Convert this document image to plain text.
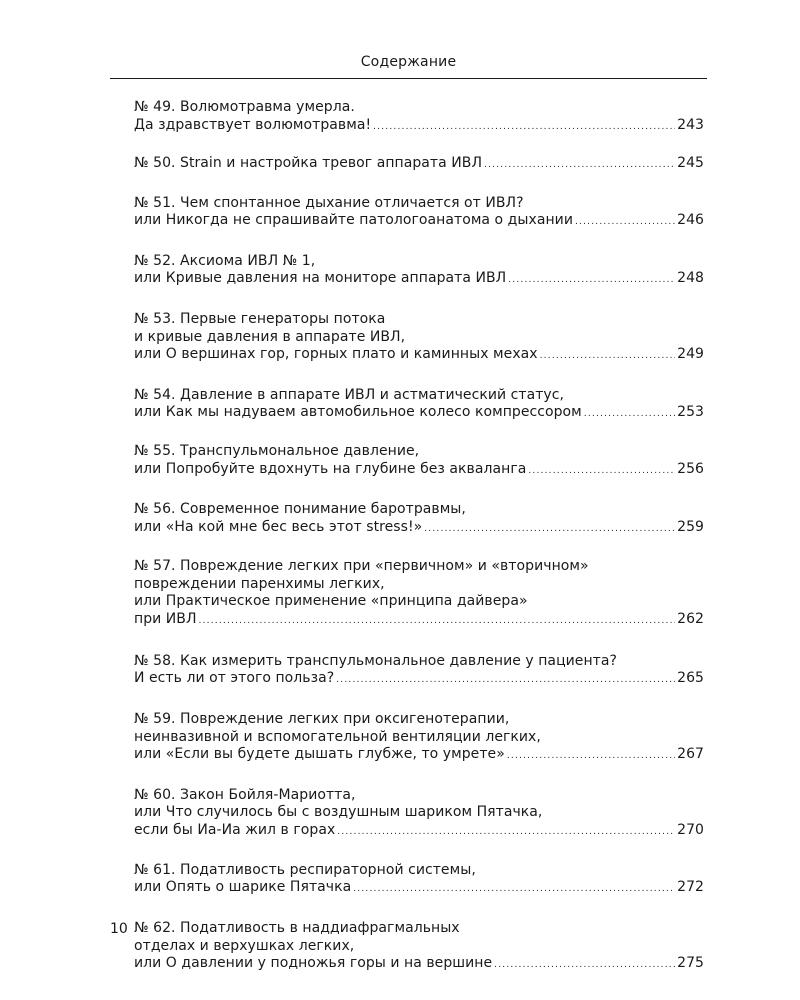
Содержание
№ 49. Волюмотравма умерла.
Да здравствует волюмотравма! .....	243
№ 50. Strain и настройка тревог аппарата ИВЛ .....	245
№ 51. Чем спонтанное дыхание отличается от ИВЛ?
или Никогда не спрашивайте патологоанатома о дыхании .....	246
№ 52. Аксиома ИВЛ № 1,
или Кривые давления на мониторе аппарата ИВЛ .....	248
№ 53. Первые генераторы потока
и кривые давления в аппарате ИВЛ,
или О вершинах гор, горных плато и каминных мехах .....	249
№ 54. Давление в аппарате ИВЛ и астматический статус,
или Как мы надуваем автомобильное колесо компрессором .....	253
№ 55. Транспульмональное давление,
или Попробуйте вдохнуть на глубине без акваланга .....	256
№ 56. Современное понимание баротравмы,
или «На кой мне бес весь этот stress!» .....	259
№ 57. Повреждение легких при «первичном» и «вторичном»
повреждении паренхимы легких,
или Практическое применение «принципа дайвера»
при ИВЛ .....	262
№ 58. Как измерить транспульмональное давление у пациента?
И есть ли от этого польза? .....	265
№ 59. Повреждение легких при оксигенотерапии,
неинвазивной и вспомогательной вентиляции легких,
или «Если вы будете дышать глубже, то умрете» .....	267
№ 60. Закон Бойля-Мариотта,
или Что случилось бы с воздушным шариком Пятачка,
если бы Иа-Иа жил в горах .....	270
№ 61. Податливость респираторной системы,
или Опять о шарике Пятачка .....	272
№ 62. Податливость в наддиафрагмальных
отделах и верхушках легких,
или О давлении у подножья горы и на вершине .....	275
10
